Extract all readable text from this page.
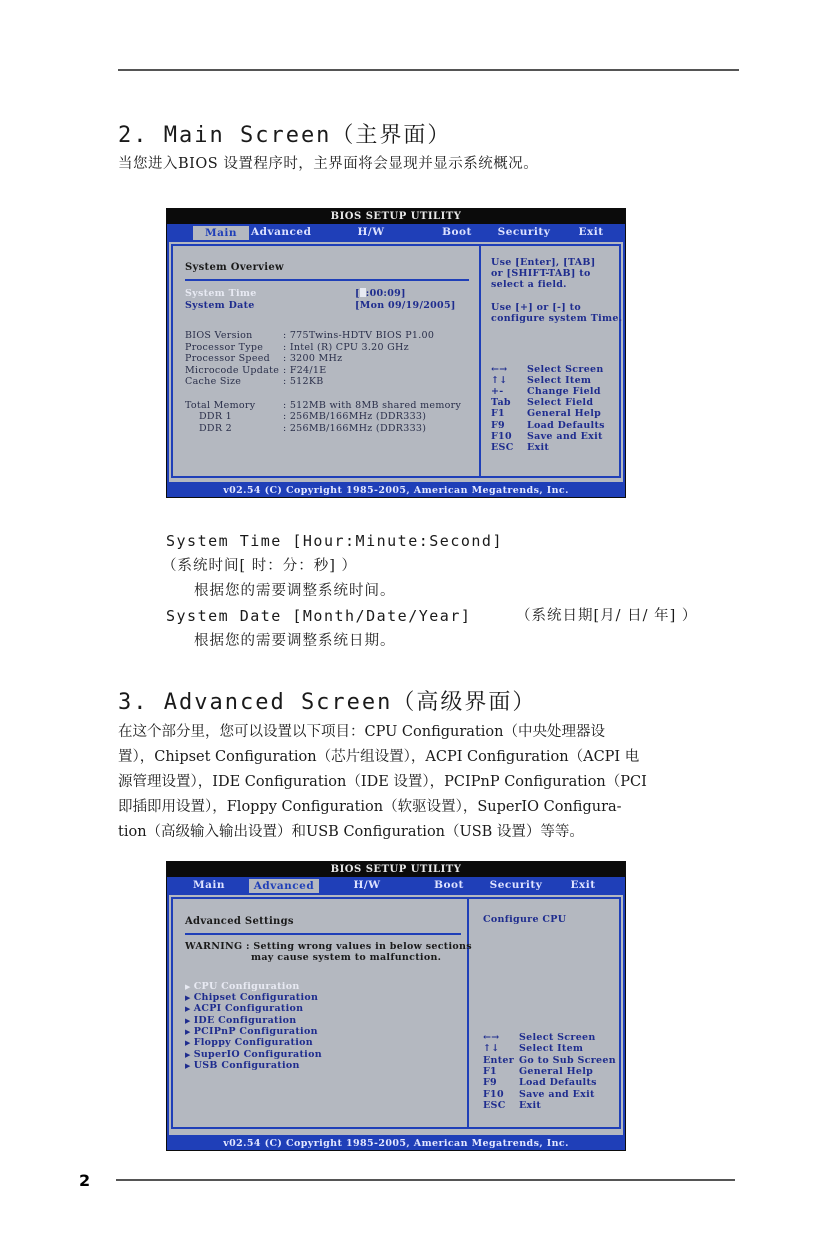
2. Main Screen（主界面）
当您进入BIOS 设置程序时，主界面将会显现并显示系统概况。
BIOS SETUP UTILITY
Main	Advanced	H/W	Boot	Security	Exit
System Overview
System Time	[ :00:09]
System Date	[Mon 09/19/2005]
BIOS Version	: 775Twins-HDTV BIOS P1.00
Processor Type : Intel (R) CPU 3.20 GHz
Processor Speed : 3200 MHz
Microcode Update : F24/1E
Cache Size	: 512KB
Total Memory	: 512MB with 8MB shared memory
DDR 1	: 256MB/166MHz (DDR333)
DDR 2	: 256MB/166MHz (DDR333)
Use [Enter], [TAB]
or [SHIFT-TAB] to
select a field.
Use [+] or [-] to
configure system Time.
←→ Select Screen
↑↓ Select Item
+- Change Field
Tab Select Field
F1 General Help
F9 Load Defaults
F10 Save and Exit
ESC Exit
v02.54 (C) Copyright 1985-2005, American Megatrends, Inc.
System Time [Hour:Minute:Second]
（系统时间[ 时：分：秒] ）
根据您的需要调整系统时间。
System Date [Month/Date/Year]	（系统日期[月/ 日/ 年] ）
根据您的需要调整系统日期。
3. Advanced Screen（高级界面）
在这个部分里，您可以设置以下项目：CPU Configuration（中央处理器设
置），Chipset Configuration（芯片组设置），ACPI Configuration（ACPI 电
源管理设置），IDE Configuration（IDE 设置），PCIPnP Configuration（PCI
即插即用设置），Floppy Configuration（软驱设置），SuperIO Configura-
tion（高级输入输出设置）和USB Configuration（USB 设置）等等。
BIOS SETUP UTILITY
Main	Advanced	H/W	Boot	Security	Exit
Advanced Settings
WARNING : Setting wrong values in below sections
may cause system to malfunction.
▶ CPU Configuration
▶ Chipset Configuration
▶ ACPI Configuration
▶ IDE Configuration
▶ PCIPnP Configuration
▶ Floppy Configuration
▶ SuperIO Configuration
▶ USB Configuration
Configure CPU
←→ Select Screen
↑↓ Select Item
Enter Go to Sub Screen
F1 General Help
F9 Load Defaults
F10 Save and Exit
ESC Exit
v02.54 (C) Copyright 1985-2005, American Megatrends, Inc.
2
